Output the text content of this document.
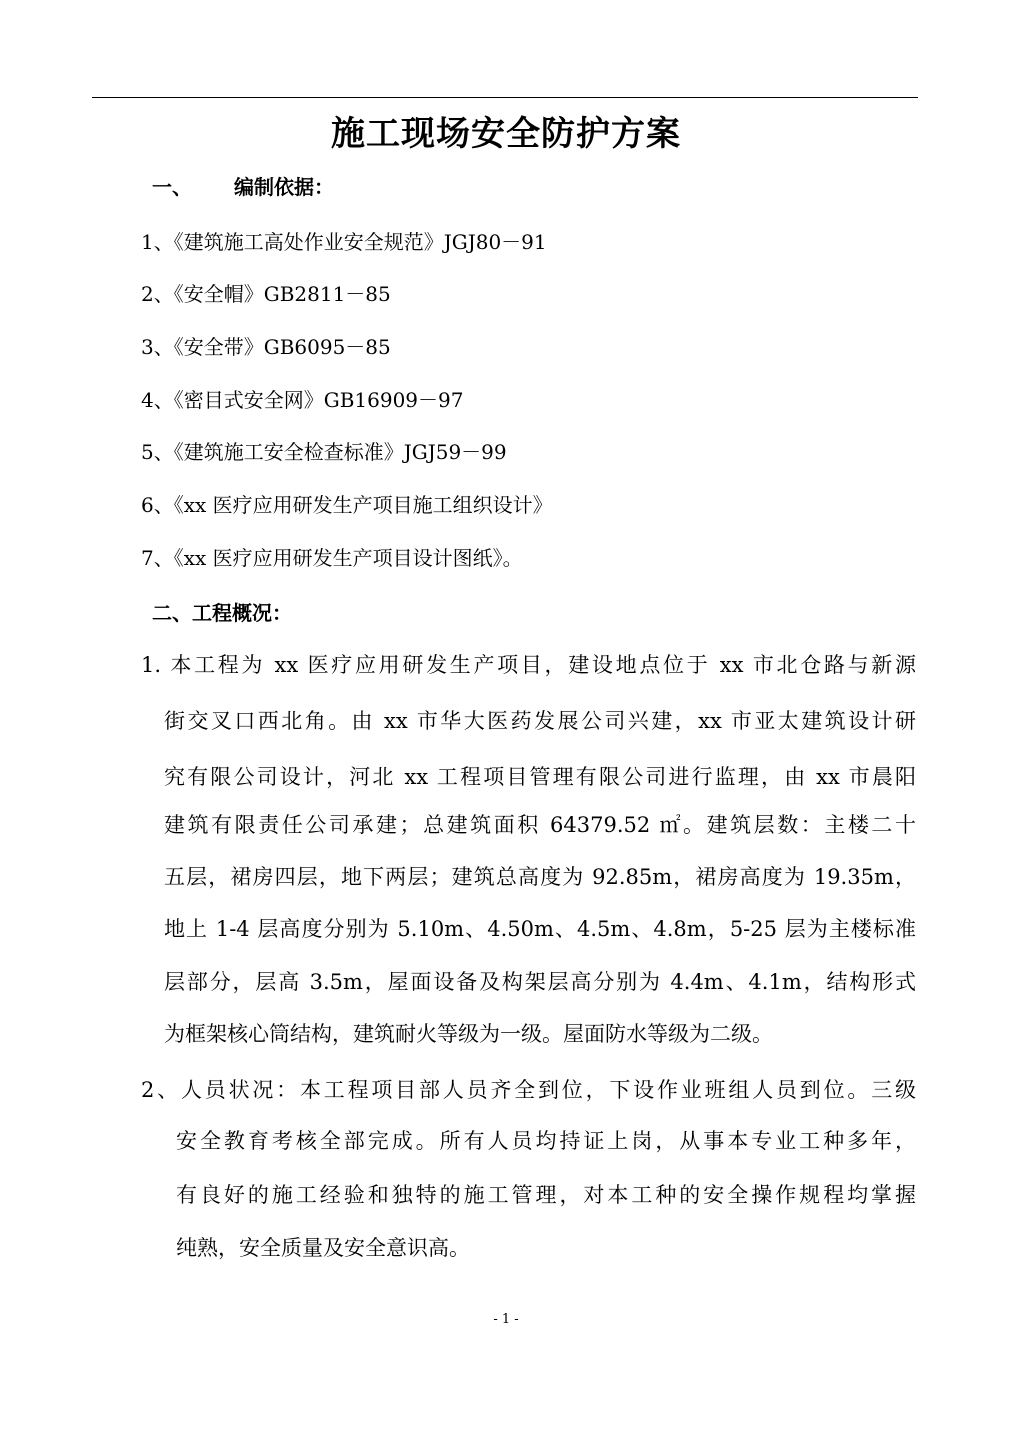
施工现场安全防护方案
一、 编制依据：
1、《建筑施工高处作业安全规范》JGJ80－91
2、《安全帽》GB2811－85
3、《安全带》GB6095－85
4、《密目式安全网》GB16909－97
5、《建筑施工安全检查标准》JGJ59－99
6、《xx 医疗应用研发生产项目施工组织设计》
7、《xx 医疗应用研发生产项目设计图纸》。
二、工程概况：
1. 本工程为 xx 医疗应用研发生产项目，建设地点位于 xx 市北仓路与新源
街交叉口西北角。由 xx 市华大医药发展公司兴建，xx 市亚太建筑设计研
究有限公司设计，河北 xx 工程项目管理有限公司进行监理，由 xx 市晨阳
建筑有限责任公司承建；总建筑面积 64379.52 ㎡。建筑层数：主楼二十
五层，裙房四层，地下两层；建筑总高度为 92.85m，裙房高度为 19.35m，
地上 1-4 层高度分别为 5.10m、4.50m、4.5m、4.8m，5-25 层为主楼标准
层部分，层高 3.5m，屋面设备及构架层高分别为 4.4m、4.1m，结构形式
为框架核心筒结构，建筑耐火等级为一级。屋面防水等级为二级。
2、人员状况：本工程项目部人员齐全到位，下设作业班组人员到位。三级
安全教育考核全部完成。所有人员均持证上岗，从事本专业工种多年，
有良好的施工经验和独特的施工管理，对本工种的安全操作规程均掌握
纯熟，安全质量及安全意识高。
- 1 -
